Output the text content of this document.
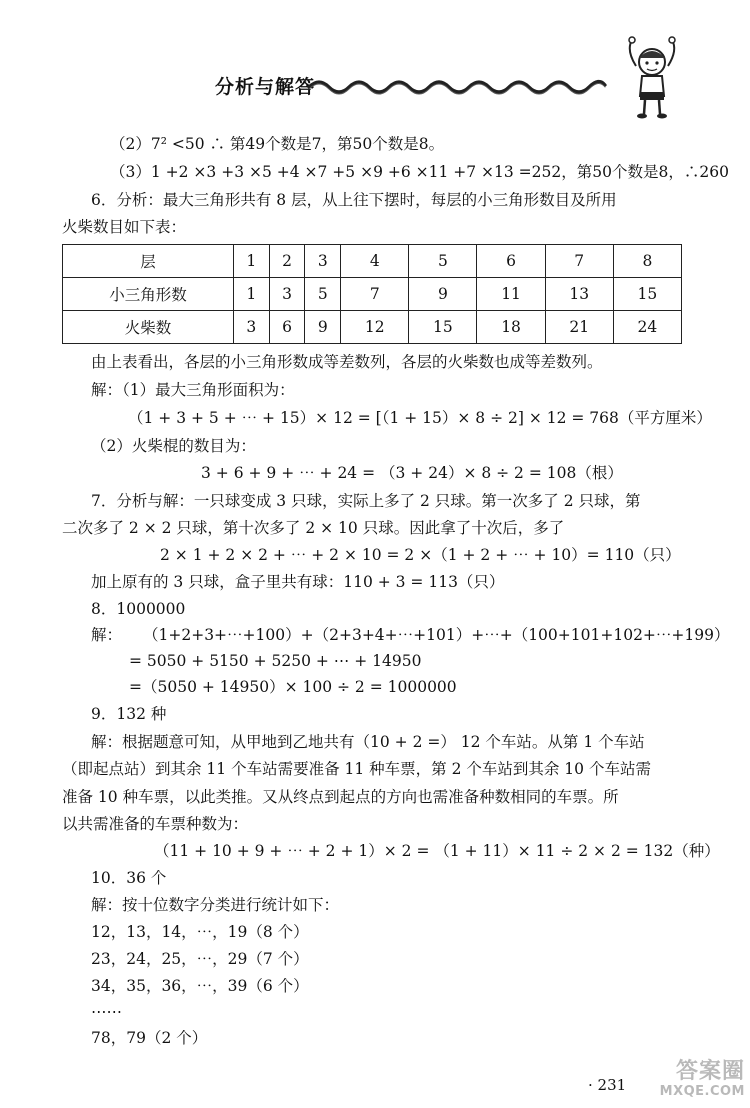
分析与解答
（2）7² <50 ∴ 第49个数是7，第50个数是8。
（3）1 +2 ×3 +3 ×5 +4 ×7 +5 ×9 +6 ×11 +7 ×13 =252，第50个数是8，∴260
6．分析：最大三角形共有 8 层，从上往下摆时，每层的小三角形数目及所用
火柴数目如下表：
层	1	2	3	4	5	6	7	8
小三角形数	1	3	5	7	9	11	13	15
火柴数	3	6	9	12	15	18	21	24
由上表看出，各层的小三角形数成等差数列，各层的火柴数也成等差数列。
解：（1）最大三角形面积为：
（1 + 3 + 5 + ⋯ + 15）× 12 = [（1 + 15）× 8 ÷ 2] × 12 = 768（平方厘米）
（2）火柴棍的数目为：
3 + 6 + 9 + ⋯ + 24 = （3 + 24）× 8 ÷ 2 = 108（根）
7．分析与解：一只球变成 3 只球，实际上多了 2 只球。第一次多了 2 只球，第
二次多了 2 × 2 只球，第十次多了 2 × 10 只球。因此拿了十次后，多了
2 × 1 + 2 × 2 + ⋯ + 2 × 10 = 2 ×（1 + 2 + ⋯ + 10）= 110（只）
加上原有的 3 只球，盒子里共有球：110 + 3 = 113（只）
8．1000000
解： （1+2+3+⋯+100）+（2+3+4+⋯+101）+⋯+（100+101+102+⋯+199）
= 5050 + 5150 + 5250 + ⋯ + 14950
=（5050 + 14950）× 100 ÷ 2 = 1000000
9．132 种
解：根据题意可知，从甲地到乙地共有（10 + 2 =） 12 个车站。从第 1 个车站
（即起点站）到其余 11 个车站需要准备 11 种车票，第 2 个车站到其余 10 个车站需
准备 10 种车票，以此类推。又从终点到起点的方向也需准备种数相同的车票。所
以共需准备的车票种数为：
（11 + 10 + 9 + ⋯ + 2 + 1）× 2 = （1 + 11）× 11 ÷ 2 × 2 = 132（种）
10．36 个
解：按十位数字分类进行统计如下：
12，13，14，⋯，19（8 个）
23，24，25，⋯，29（7 个）
34，35，36，⋯，39（6 个）
⋯⋯
78，79（2 个）
· 231
答案圈
MXQE.COM
